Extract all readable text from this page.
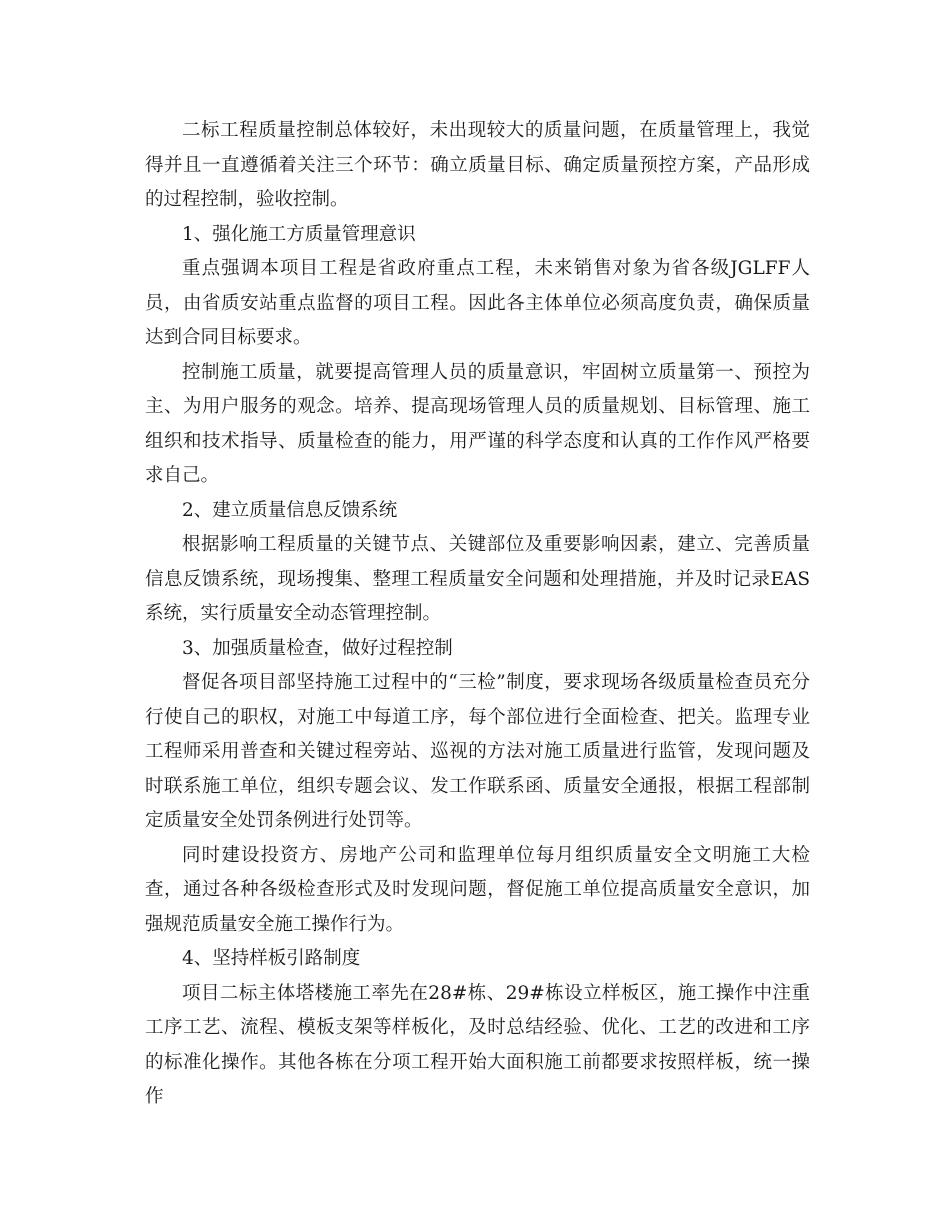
二标工程质量控制总体较好，未出现较大的质量问题，在质量管理上，我觉得并且一直遵循着关注三个环节：确立质量目标、确定质量预控方案，产品形成的过程控制，验收控制。

1、强化施工方质量管理意识

重点强调本项目工程是省政府重点工程，未来销售对象为省各级JGLFF人员，由省质安站重点监督的项目工程。因此各主体单位必须高度负责，确保质量达到合同目标要求。

控制施工质量，就要提高管理人员的质量意识，牢固树立质量第一、预控为主、为用户服务的观念。培养、提高现场管理人员的质量规划、目标管理、施工组织和技术指导、质量检查的能力，用严谨的科学态度和认真的工作作风严格要求自己。

2、建立质量信息反馈系统

根据影响工程质量的关键节点、关键部位及重要影响因素，建立、完善质量信息反馈系统，现场搜集、整理工程质量安全问题和处理措施，并及时记录EAS系统，实行质量安全动态管理控制。

3、加强质量检查，做好过程控制

督促各项目部坚持施工过程中的“三检”制度，要求现场各级质量检查员充分行使自己的职权，对施工中每道工序，每个部位进行全面检查、把关。监理专业工程师采用普查和关键过程旁站、巡视的方法对施工质量进行监管，发现问题及时联系施工单位，组织专题会议、发工作联系函、质量安全通报，根据工程部制定质量安全处罚条例进行处罚等。

同时建设投资方、房地产公司和监理单位每月组织质量安全文明施工大检查，通过各种各级检查形式及时发现问题，督促施工单位提高质量安全意识，加强规范质量安全施工操作行为。

4、坚持样板引路制度

项目二标主体塔楼施工率先在28#栋、29#栋设立样板区，施工操作中注重工序工艺、流程、模板支架等样板化，及时总结经验、优化、工艺的改进和工序的标准化操作。其他各栋在分项工程开始大面积施工前都要求按照样板，统一操作
